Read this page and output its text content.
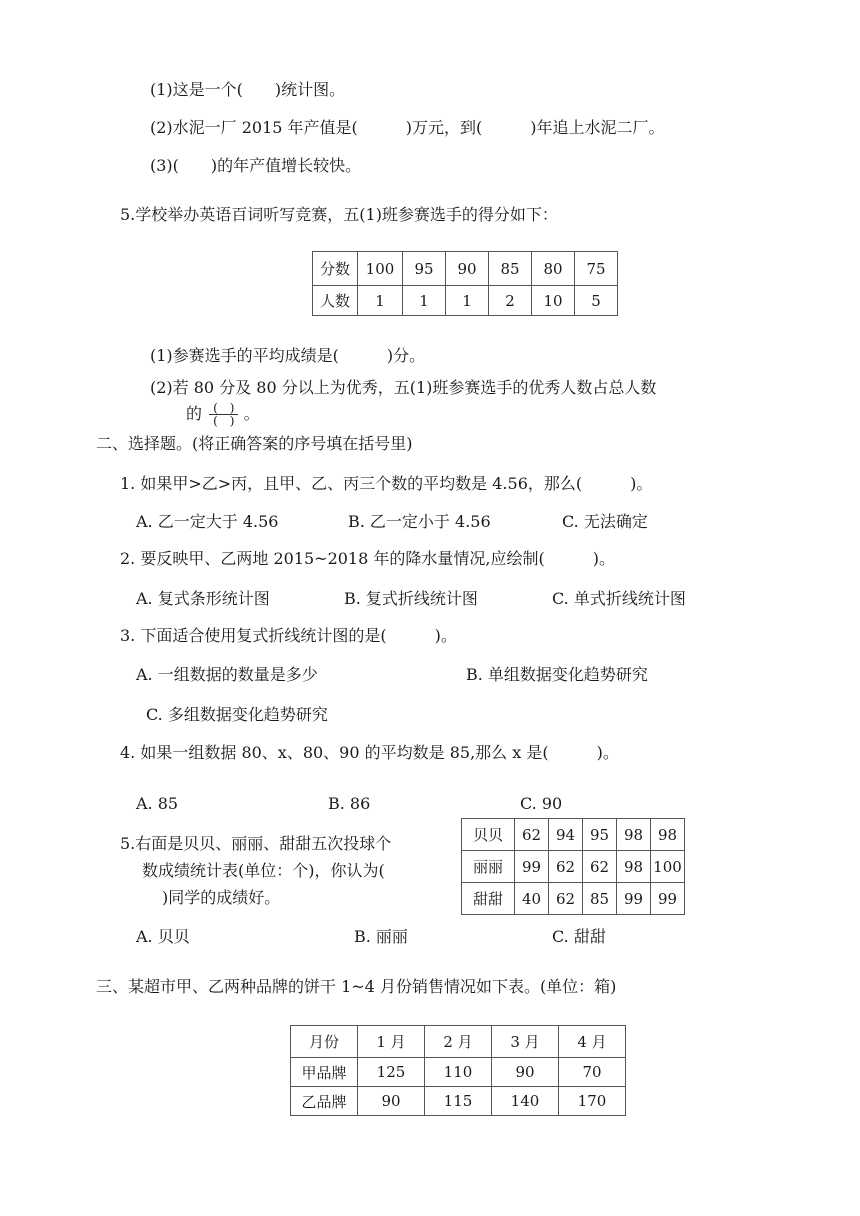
(1)这是一个(　　)统计图。
(2)水泥一厂 2015 年产值是(　　　)万元，到(　　　)年追上水泥二厂。
(3)(　　)的年产值增长较快。
5.学校举办英语百词听写竞赛，五(1)班参赛选手的得分如下：
分数	100	95	90	85	80	75
人数	1	1	1	2	10	5
(1)参赛选手的平均成绩是(　　　)分。
(2)若 80 分及 80 分以上为优秀，五(1)班参赛选手的优秀人数占总人数
的 $\frac{( )}{( )}$ 。
二、选择题。(将正确答案的序号填在括号里)
1. 如果甲>乙>丙，且甲、乙、丙三个数的平均数是 4.56，那么(　　　)。
A. 乙一定大于 4.56	B. 乙一定小于 4.56	C. 无法确定
2. 要反映甲、乙两地 2015~2018 年的降水量情况,应绘制(　　　)。
A. 复式条形统计图	B. 复式折线统计图	C. 单式折线统计图
3. 下面适合使用复式折线统计图的是(　　　)。
A. 一组数据的数量是多少	B. 单组数据变化趋势研究
C. 多组数据变化趋势研究
4. 如果一组数据 80、x、80、90 的平均数是 85,那么 x 是(　　　)。
A. 85	B. 86	C. 90
5.右面是贝贝、丽丽、甜甜五次投球个
数成绩统计表(单位：个)，你认为(
)同学的成绩好。
贝贝	62	94	95	98	98
丽丽	99	62	62	98	100
甜甜	40	62	85	99	99
A. 贝贝	B. 丽丽	C. 甜甜
三、某超市甲、乙两种品牌的饼干 1~4 月份销售情况如下表。(单位：箱)
月份	1 月	2 月	3 月	4 月
甲品牌	125	110	90	70
乙品牌	90	115	140	170
